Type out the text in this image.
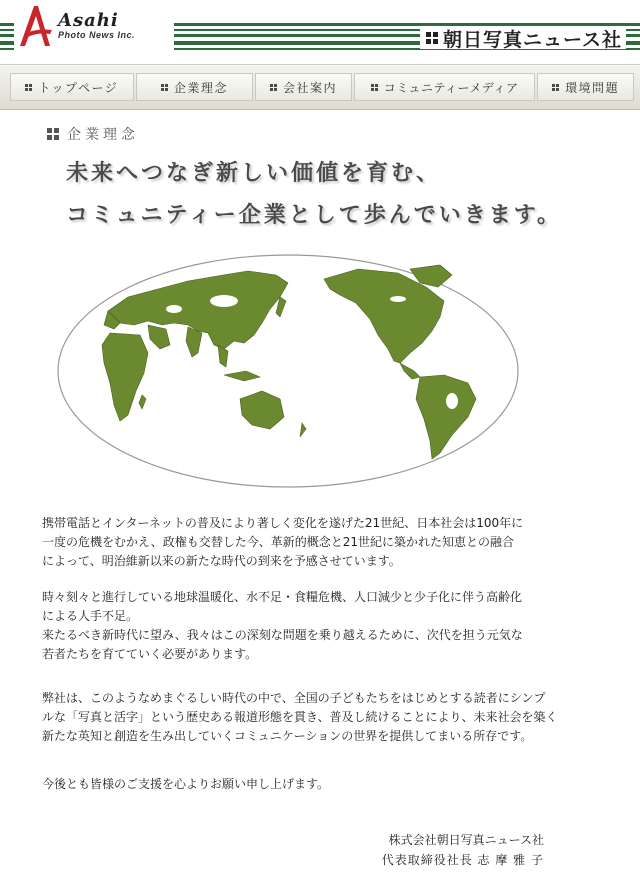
Asahi
Photo News Inc.	朝日写真ニュース社
トップページ	企業理念	会社案内	コミュニティーメディア	環境問題
企業理念
未来へつなぎ新しい価値を育む、
コミュニティー企業として歩んでいきます。

携帯電話とインターネットの普及により著しく変化を遂げた21世紀、日本社会は100年に

一度の危機をむかえ、政権も交替した今、革新的概念と21世紀に築かれた知恵との融合

によって、明治維新以来の新たな時代の到来を予感させています。

時々刻々と進行している地球温暖化、水不足・食糧危機、人口減少と少子化に伴う高齢化

による人手不足。

来たるべき新時代に望み、我々はこの深刻な問題を乗り越えるために、次代を担う元気な

若者たちを育てていく必要があります。

弊社は、このようなめまぐるしい時代の中で、全国の子どもたちをはじめとする読者にシンプ

ルな「写真と活字」という歴史ある報道形態を貫き、普及し続けることにより、未来社会を築く

新たな英知と創造を生み出していくコミュニケーションの世界を提供してまいる所存です。

今後とも皆様のご支援を心よりお願い申し上げます。

株式会社朝日写真ニュース社
代表取締役社長 志 摩 雅 子
